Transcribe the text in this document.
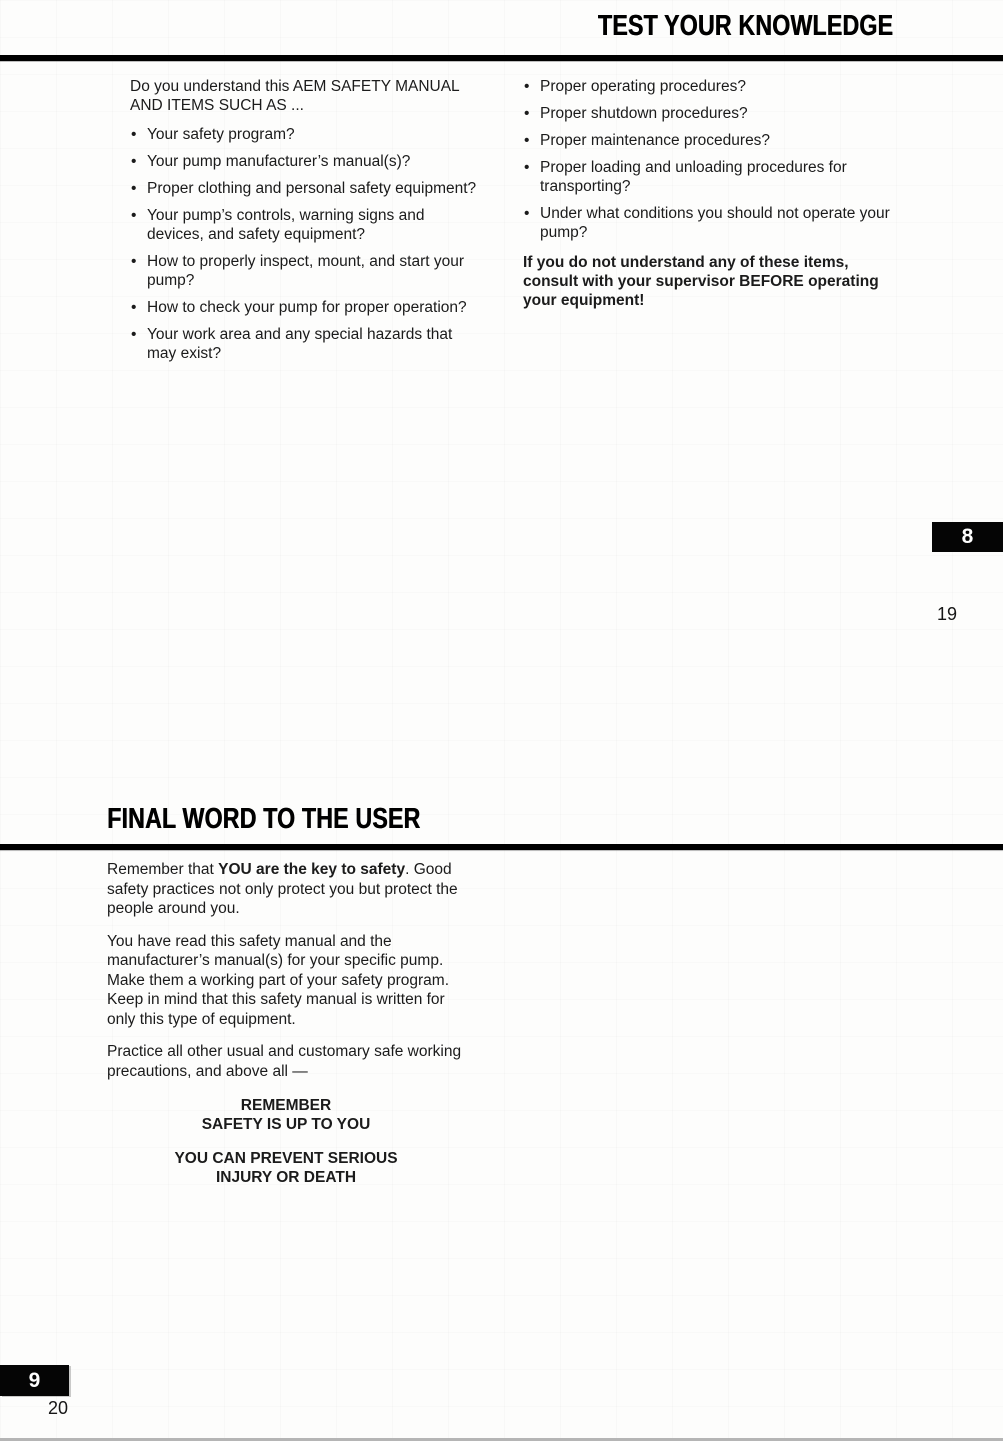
TEST YOUR KNOWLEDGE

Do you understand this AEM SAFETY MANUAL AND ITEMS SUCH AS ...

• Your safety program?
• Your pump manufacturer’s manual(s)?
• Proper clothing and personal safety equipment?
• Your pump’s controls, warning signs and devices, and safety equipment?
• How to properly inspect, mount, and start your pump?
• How to check your pump for proper operation?
• Your work area and any special hazards that may exist?
• Proper operating procedures?
• Proper shutdown procedures?
• Proper maintenance procedures?
• Proper loading and unloading procedures for transporting?
• Under what conditions you should not operate your pump?

If you do not understand any of these items, consult with your supervisor BEFORE operating your equipment!

8
19
FINAL WORD TO THE USER

Remember that YOU are the key to safety. Good safety practices not only protect you but protect the people around you.

You have read this safety manual and the manufacturer’s manual(s) for your specific pump. Make them a working part of your safety program. Keep in mind that this safety manual is written for only this type of equipment.

Practice all other usual and customary safe working precautions, and above all —

REMEMBER
SAFETY IS UP TO YOU
YOU CAN PREVENT SERIOUS
INJURY OR DEATH
9
20
